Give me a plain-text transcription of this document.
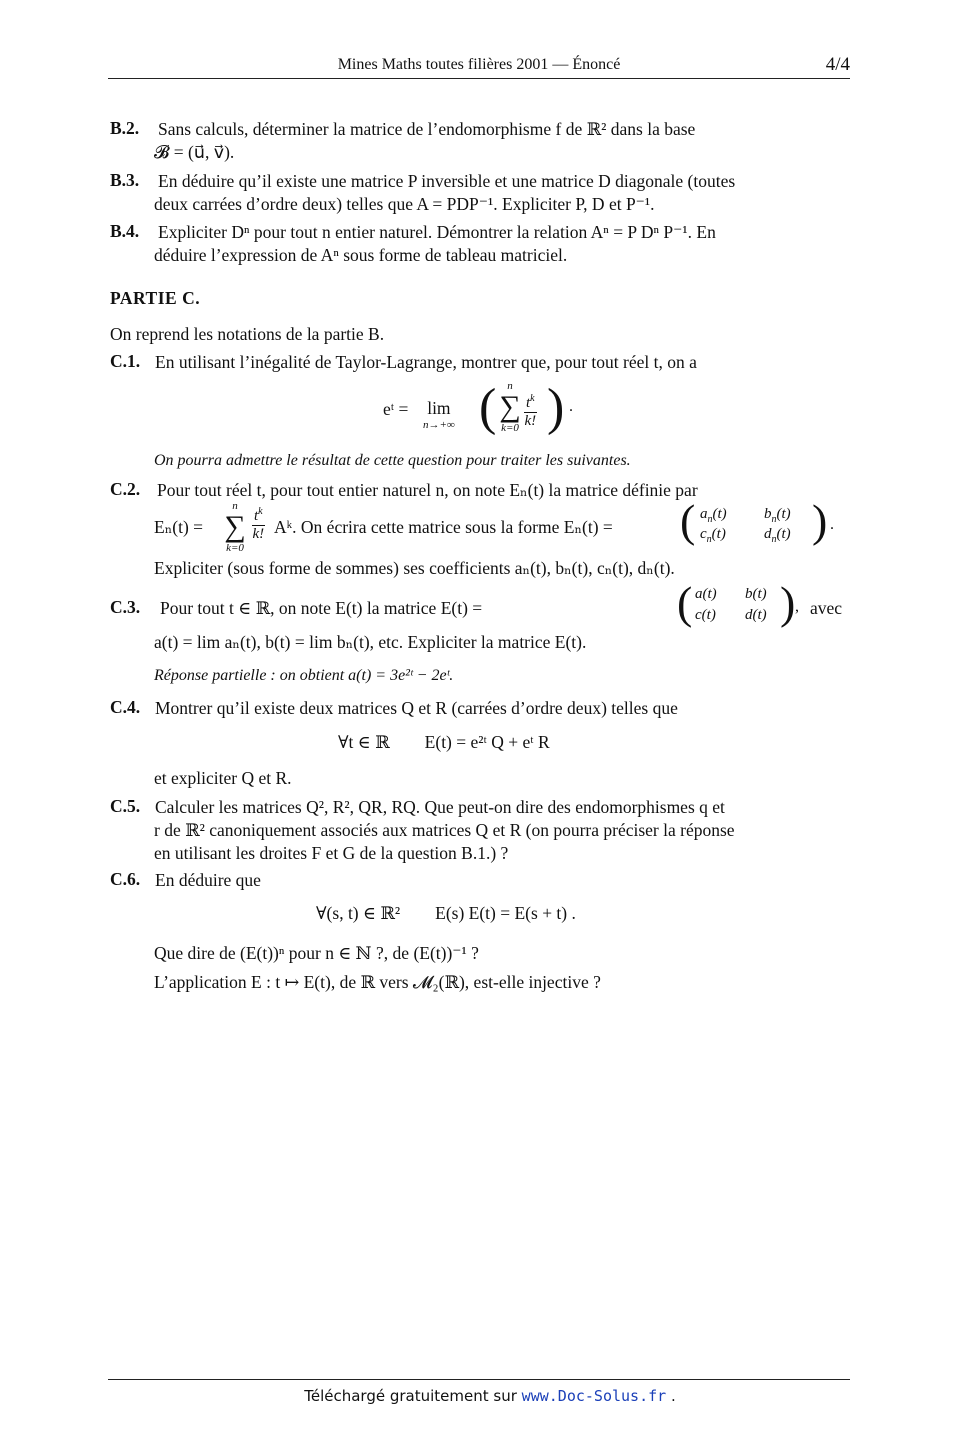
Mines Maths toutes filières 2001 — Énoncé	4/4
B.2. Sans calculs, déterminer la matrice de l’endomorphisme f de ℝ² dans la base
𝓑 = (u⃗, v⃗).
B.3. En déduire qu’il existe une matrice P inversible et une matrice D diagonale (toutes
deux carrées d’ordre deux) telles que A = PDP⁻¹. Expliciter P, D et P⁻¹.
B.4. Expliciter Dⁿ pour tout n entier naturel. Démontrer la relation Aⁿ = P Dⁿ P⁻¹. En
déduire l’expression de Aⁿ sous forme de tableau matriciel.
PARTIE C.
On reprend les notations de la partie B.
C.1. En utilisant l’inégalité de Taylor-Lagrange, montrer que, pour tout réel t, on a
eᵗ = lim
n→+∞ ( n
∑
$k=0 \frac{t^k}{k!}$ ) .
On pourra admettre le résultat de cette question pour traiter les suivantes.
C.2. Pour tout réel t, pour tout entier naturel n, on note Eₙ(t) la matrice définie par
Eₙ(t) =
n
∑
k=0
$\frac{t^k}{k!}$ Aᵏ. On écrira cette matrice sous la forme Eₙ(t) = ( $a_n(t)$ $b_n(t)$
$c_n(t)$	$d_n(t)$ ) .
Expliciter (sous forme de sommes) ses coefficients aₙ(t), bₙ(t), cₙ(t), dₙ(t).
C.3. Pour tout t ∈ ℝ, on note E(t) la matrice E(t) =	( a(t) b(t)
c(t) d(t) ) , avec
a(t) = lim aₙ(t), b(t) = lim bₙ(t), etc. Expliciter la matrice E(t).
Réponse partielle : on obtient a(t) = 3e²ᵗ − 2eᵗ.
C.4. Montrer qu’il existe deux matrices Q et R (carrées d’ordre deux) telles que
∀t ∈ ℝ        E(t) = e²ᵗ Q + eᵗ R
et expliciter Q et R.
C.5. Calculer les matrices Q², R², QR, RQ. Que peut-on dire des endomorphismes q et
r de ℝ² canoniquement associés aux matrices Q et R (on pourra préciser la réponse
en utilisant les droites F et G de la question B.1.) ?
C.6. En déduire que
∀(s, t) ∈ ℝ²        E(s) E(t) = E(s + t) .
Que dire de (E(t))ⁿ pour n ∈ ℕ ?, de (E(t))⁻¹ ?
L’application E : t ↦ E(t), de ℝ vers 𝓜₂(ℝ), est-elle injective ?
Téléchargé gratuitement sur www.Doc-Solus.fr .
